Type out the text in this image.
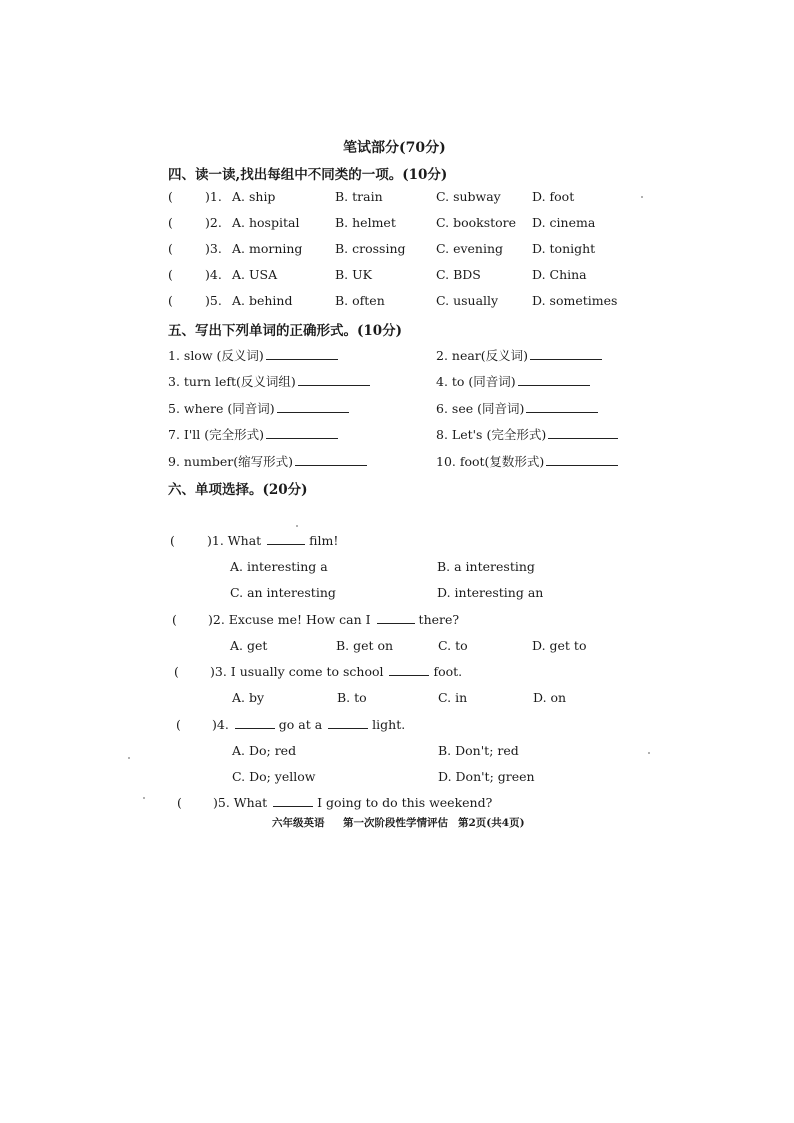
笔试部分(70分)
四、读一读,找出每组中不同类的一项。(10分)
(	)1. A. ship	B. train	C. subway	D. foot
(	)2. A. hospital	B. helmet	C. bookstore D. cinema
(	)3. A. morning	B. crossing C. evening D. tonight
(	)4. A. USA	B. UK	C. BDS	D. China
(	)5. A. behind	B. often	C. usually	D. sometimes
五、写出下列单词的正确形式。(10分)
1. slow (反义词)	2. near(反义词)
3. turn left(反义词组)	4. to (同音词)
5. where (同音词)	6. see (同音词)
7. I'll (完全形式)	8. Let's (完全形式)
9. number(缩写形式)	10. foot(复数形式)
六、单项选择。(20分)
(	)1. What	film!
A. interesting a	B. a interesting
C. an interesting	D. interesting an
( )2. Excuse me! How can I	there?
A. get	B. get on	C. to	D. get to
( )3. I usually come to school	foot.
A. by	B. to	C. in	D. on
( )4.	go at a	light.
A. Do; red	B. Don't; red
C. Do; yellow	D. Don't; green
( )5. What	I going to do this weekend?
六年级英语 第一次阶段性学情评估 第2页(共4页)
